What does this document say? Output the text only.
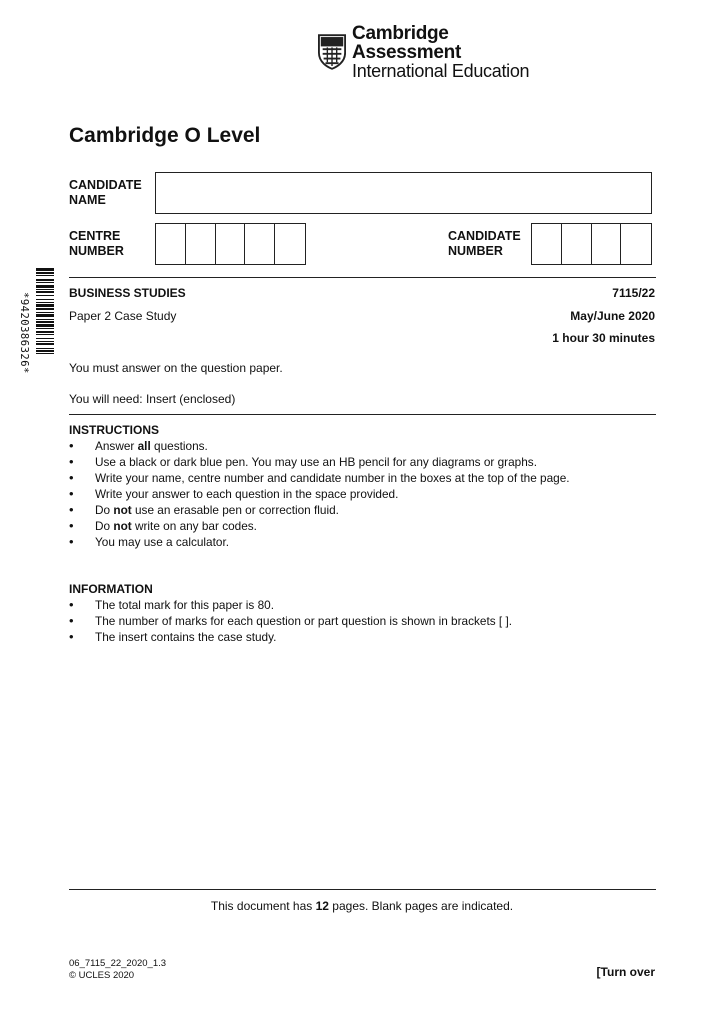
Cambridge Assessment
International Education
Cambridge O Level
CANDIDATE NAME
CENTRE NUMBER
CANDIDATE NUMBER
*9420386326*	BUSINESS STUDIES	7115/22
Paper 2 Case Study	May/June 2020
1 hour 30 minutes
You must answer on the question paper.
You will need: Insert (enclosed)
INSTRUCTIONS
• Answer all questions.
• Use a black or dark blue pen. You may use an HB pencil for any diagrams or graphs.
• Write your name, centre number and candidate number in the boxes at the top of the page.
• Write your answer to each question in the space provided.
• Do not use an erasable pen or correction fluid.
• Do not write on any bar codes.
• You may use a calculator.
INFORMATION
• The total mark for this paper is 80.
• The number of marks for each question or part question is shown in brackets [ ].
• The insert contains the case study.
This document has 12 pages. Blank pages are indicated.
06_7115_22_2020_1.3
© UCLES 2020	[Turn over
